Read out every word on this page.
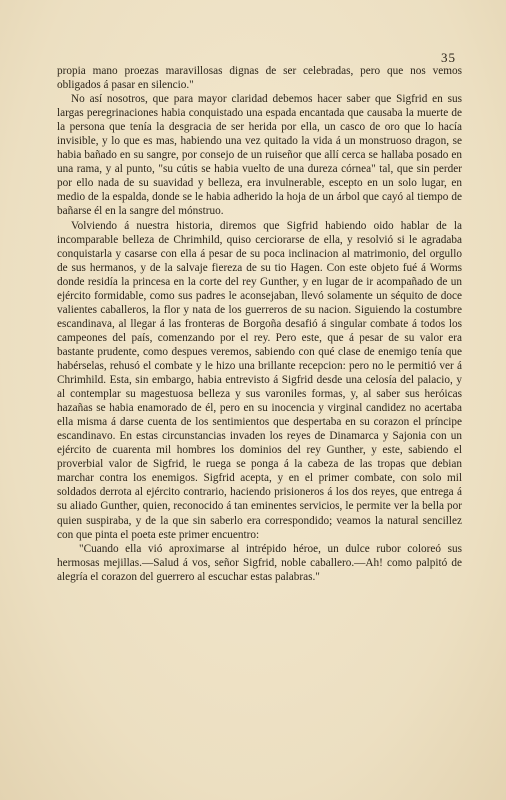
35

propia mano proezas maravillosas dignas de ser celebradas, pero que nos vemos obligados á pasar en silencio."

No así nosotros, que para mayor claridad debemos hacer saber que Sigfrid en sus largas peregrinaciones habia conquistado una espada encantada que causaba la muerte de la persona que tenía la desgracia de ser herida por ella, un casco de oro que lo hacía invisible, y lo que es mas, habiendo una vez quitado la vida á un monstruoso dragon, se habia bañado en su sangre, por consejo de un ruiseñor que allí cerca se hallaba posado en una rama, y al punto, "su cútis se habia vuelto de una dureza córnea" tal, que sin perder por ello nada de su suavidad y belleza, era invulnerable, escepto en un solo lugar, en medio de la espalda, donde se le habia adherido la hoja de un árbol que cayó al tiempo de bañarse él en la sangre del mónstruo.

Volviendo á nuestra historia, diremos que Sigfrid habiendo oido hablar de la incomparable belleza de Chrimhild, quiso cerciorarse de ella, y resolvió si le agradaba conquistarla y casarse con ella á pesar de su poca inclinacion al matrimonio, del orgullo de sus hermanos, y de la salvaje fiereza de su tio Hagen. Con este objeto fué á Worms donde residía la princesa en la corte del rey Gunther, y en lugar de ir acompañado de un ejército formidable, como sus padres le aconsejaban, llevó solamente un séquito de doce valientes caballeros, la flor y nata de los guerreros de su nacion. Siguiendo la costumbre escandinava, al llegar á las fronteras de Borgoña desafió á singular combate á todos los campeones del país, comenzando por el rey. Pero este, que á pesar de su valor era bastante prudente, como despues veremos, sabiendo con qué clase de enemigo tenía que habérselas, rehusó el combate y le hizo una brillante recepcion: pero no le permitió ver á Chrimhild. Esta, sin embargo, habia entrevisto á Sigfrid desde una celosía del palacio, y al contemplar su magestuosa belleza y sus varoniles formas, y, al saber sus heróicas hazañas se habia enamorado de él, pero en su inocencia y virginal candidez no acertaba ella misma á darse cuenta de los sentimientos que despertaba en su corazon el príncipe escandinavo. En estas circunstancias invaden los reyes de Dinamarca y Sajonia con un ejército de cuarenta mil hombres los dominios del rey Gunther, y este, sabiendo el proverbial valor de Sigfrid, le ruega se ponga á la cabeza de las tropas que debian marchar contra los enemigos. Sigfrid acepta, y en el primer combate, con solo mil soldados derrota al ejército contrario, haciendo prisioneros á los dos reyes, que entrega á su aliado Gunther, quien, reconocido á tan eminentes servicios, le permite ver la bella por quien suspiraba, y de la que sin saberlo era correspondido; veamos la natural sencillez con que pinta el poeta este primer encuentro:

"Cuando ella vió aproximarse al intrépido héroe, un dulce rubor coloreó sus hermosas mejillas.—Salud á vos, señor Sigfrid, noble caballero.—Ah! como palpitó de alegría el corazon del guerrero al escuchar estas palabras."
